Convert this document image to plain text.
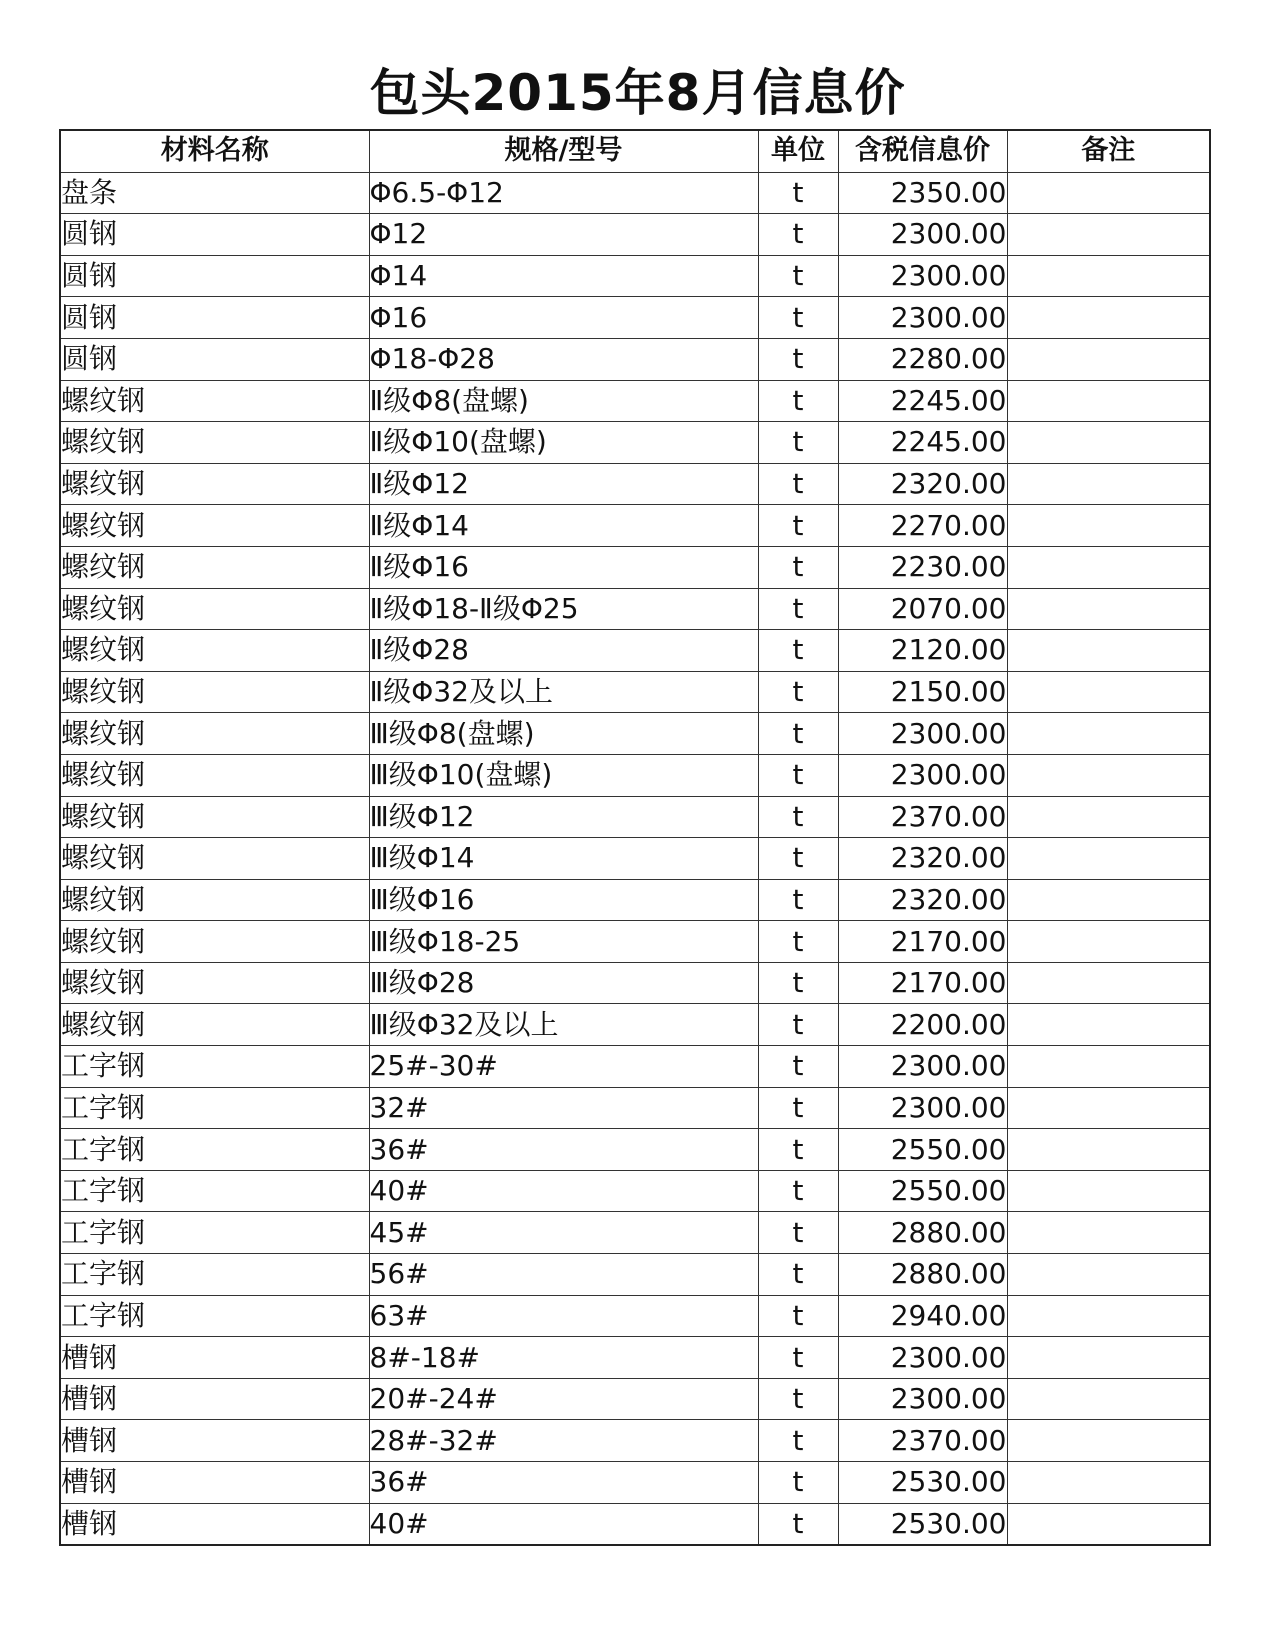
包头2015年8月信息价
材料名称	规格/型号	单位	含税信息价	备注
盘条	Φ6.5-Φ12	t	2350.00	
圆钢	Φ12	t	2300.00	
圆钢	Φ14	t	2300.00	
圆钢	Φ16	t	2300.00	
圆钢	Φ18-Φ28	t	2280.00	
螺纹钢	Ⅱ级Φ8(盘螺)	t	2245.00	
螺纹钢	Ⅱ级Φ10(盘螺)	t	2245.00	
螺纹钢	Ⅱ级Φ12	t	2320.00	
螺纹钢	Ⅱ级Φ14	t	2270.00	
螺纹钢	Ⅱ级Φ16	t	2230.00	
螺纹钢	Ⅱ级Φ18-Ⅱ级Φ25	t	2070.00	
螺纹钢	Ⅱ级Φ28	t	2120.00	
螺纹钢	Ⅱ级Φ32及以上	t	2150.00	
螺纹钢	Ⅲ级Φ8(盘螺)	t	2300.00	
螺纹钢	Ⅲ级Φ10(盘螺)	t	2300.00	
螺纹钢	Ⅲ级Φ12	t	2370.00	
螺纹钢	Ⅲ级Φ14	t	2320.00	
螺纹钢	Ⅲ级Φ16	t	2320.00	
螺纹钢	Ⅲ级Φ18-25	t	2170.00	
螺纹钢	Ⅲ级Φ28	t	2170.00	
螺纹钢	Ⅲ级Φ32及以上	t	2200.00	
工字钢	25#-30#	t	2300.00	
工字钢	32#	t	2300.00	
工字钢	36#	t	2550.00	
工字钢	40#	t	2550.00	
工字钢	45#	t	2880.00	
工字钢	56#	t	2880.00	
工字钢	63#	t	2940.00	
槽钢	8#-18#	t	2300.00	
槽钢	20#-24#	t	2300.00	
槽钢	28#-32#	t	2370.00	
槽钢	36#	t	2530.00	
槽钢	40#	t	2530.00	
